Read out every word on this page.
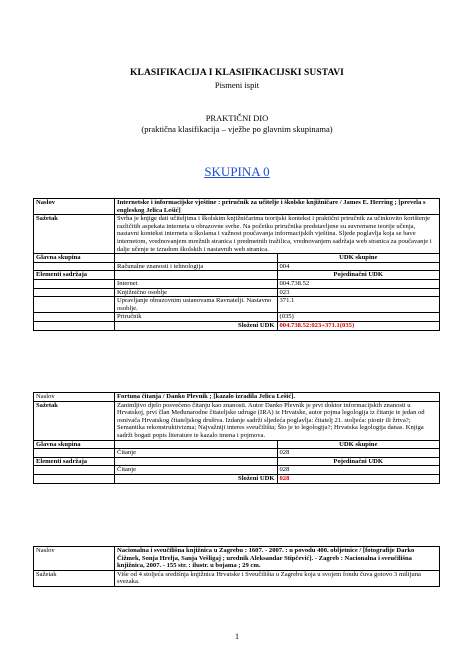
KLASIFIKACIJA I KLASIFIKACIJSKI SUSTAVI
Pismeni ispit
PRAKTIČNI DIO
(praktična klasifikacija – vježbe po glavnim skupinama)
SKUPINA 0
Naslov	Internetske i informacijske vještine : priručnik za učitelje i školske knjižničare / James E. Herring ; [prevela s engleskog Jelica Lešić]	
Sažetak	Svrha je knjige dati učiteljima i školskim knjižničarima teorijski kontekst i praktični priručnik za učinkovito korištenje različitih aspekata interneta u obrazovne svrhe. Na početku priručnika predstavljene su suvremene teorije učenja, nastavni kontekst interneta u školama i važnost poučavanja informacijskih vještina. Sljede poglavlja koja se bave internetom, vrednovanjem mrežnih stranica i predmetnih tražilica, vrednovanjem sadržaja web stranica za poučavanje i dalje učenje te izradom školskih i nastavnih web stranica.	
Glavna skupina		UDK skupine
	Računalne znanosti i tehnologija	004
Elementi sadržaja		Pojedinačni UDK
	Internet	004.738.52
	Knjižnično osoblje	023
	Upravljanje obrazovnim ustanovama Ravnatelji. Nastavno osoblje.	371.1
	Priručnik	(035)
	Složeni UDK	004.738.52:023+371.1(035)
Naslov	Fortuna čitanja / Danko Plevnik ; [kazalo izradila Jelica Lešić].	
Sažetak	Zanimljivo djelo posvećeno čitanju kao znanosti. Autor Danko Plevnik je prvi doktor informacijskih znanosti u Hrvatskoj, prvi član Međunarodne čitateljske udruge (IRA) iz Hrvatske, autor pojma legologija iz čitanje te jedan od osnivača Hrvatskog čitateljskog društva. Izdanje sadrži sljedeća poglavlja: čitatelj 21. stoljeća: pionir ili žrtva?; Semantika rekonstruktivizma; Najvažniji interes sveučilišta; Što je to legologija?; Hrvatska legologija danas. Knjiga sadrži bogati popis literature te kazalo imena i pojmova.	
Glavna skupina		UDK skupine
	Čitanje	028
Elementi sadržaja		Pojedinačni UDK
	Čitanje	028
	Složeni UDK	028
Naslov	Nacionalna i sveučilišna knjižnica u Zagrebu : 1607. - 2007. : u povodu 400. obljetnice / [fotografije Darko Čižmek, Sonja Hrelja, Sanja Vešligaj ; urednik Aleksandar Stipčević]. - Zagreb : Nacionalna i sveučilišna knjižnica, 2007. - 155 str. : ilustr. u bojama ; 29 cm.
Sažetak	Više od 4 stoljeća središnja knjižnica Hrvatske i Sveučilišta u Zagrebu koja u svojem fondu čuva gotovo 3 milijuna svezaka.
1
